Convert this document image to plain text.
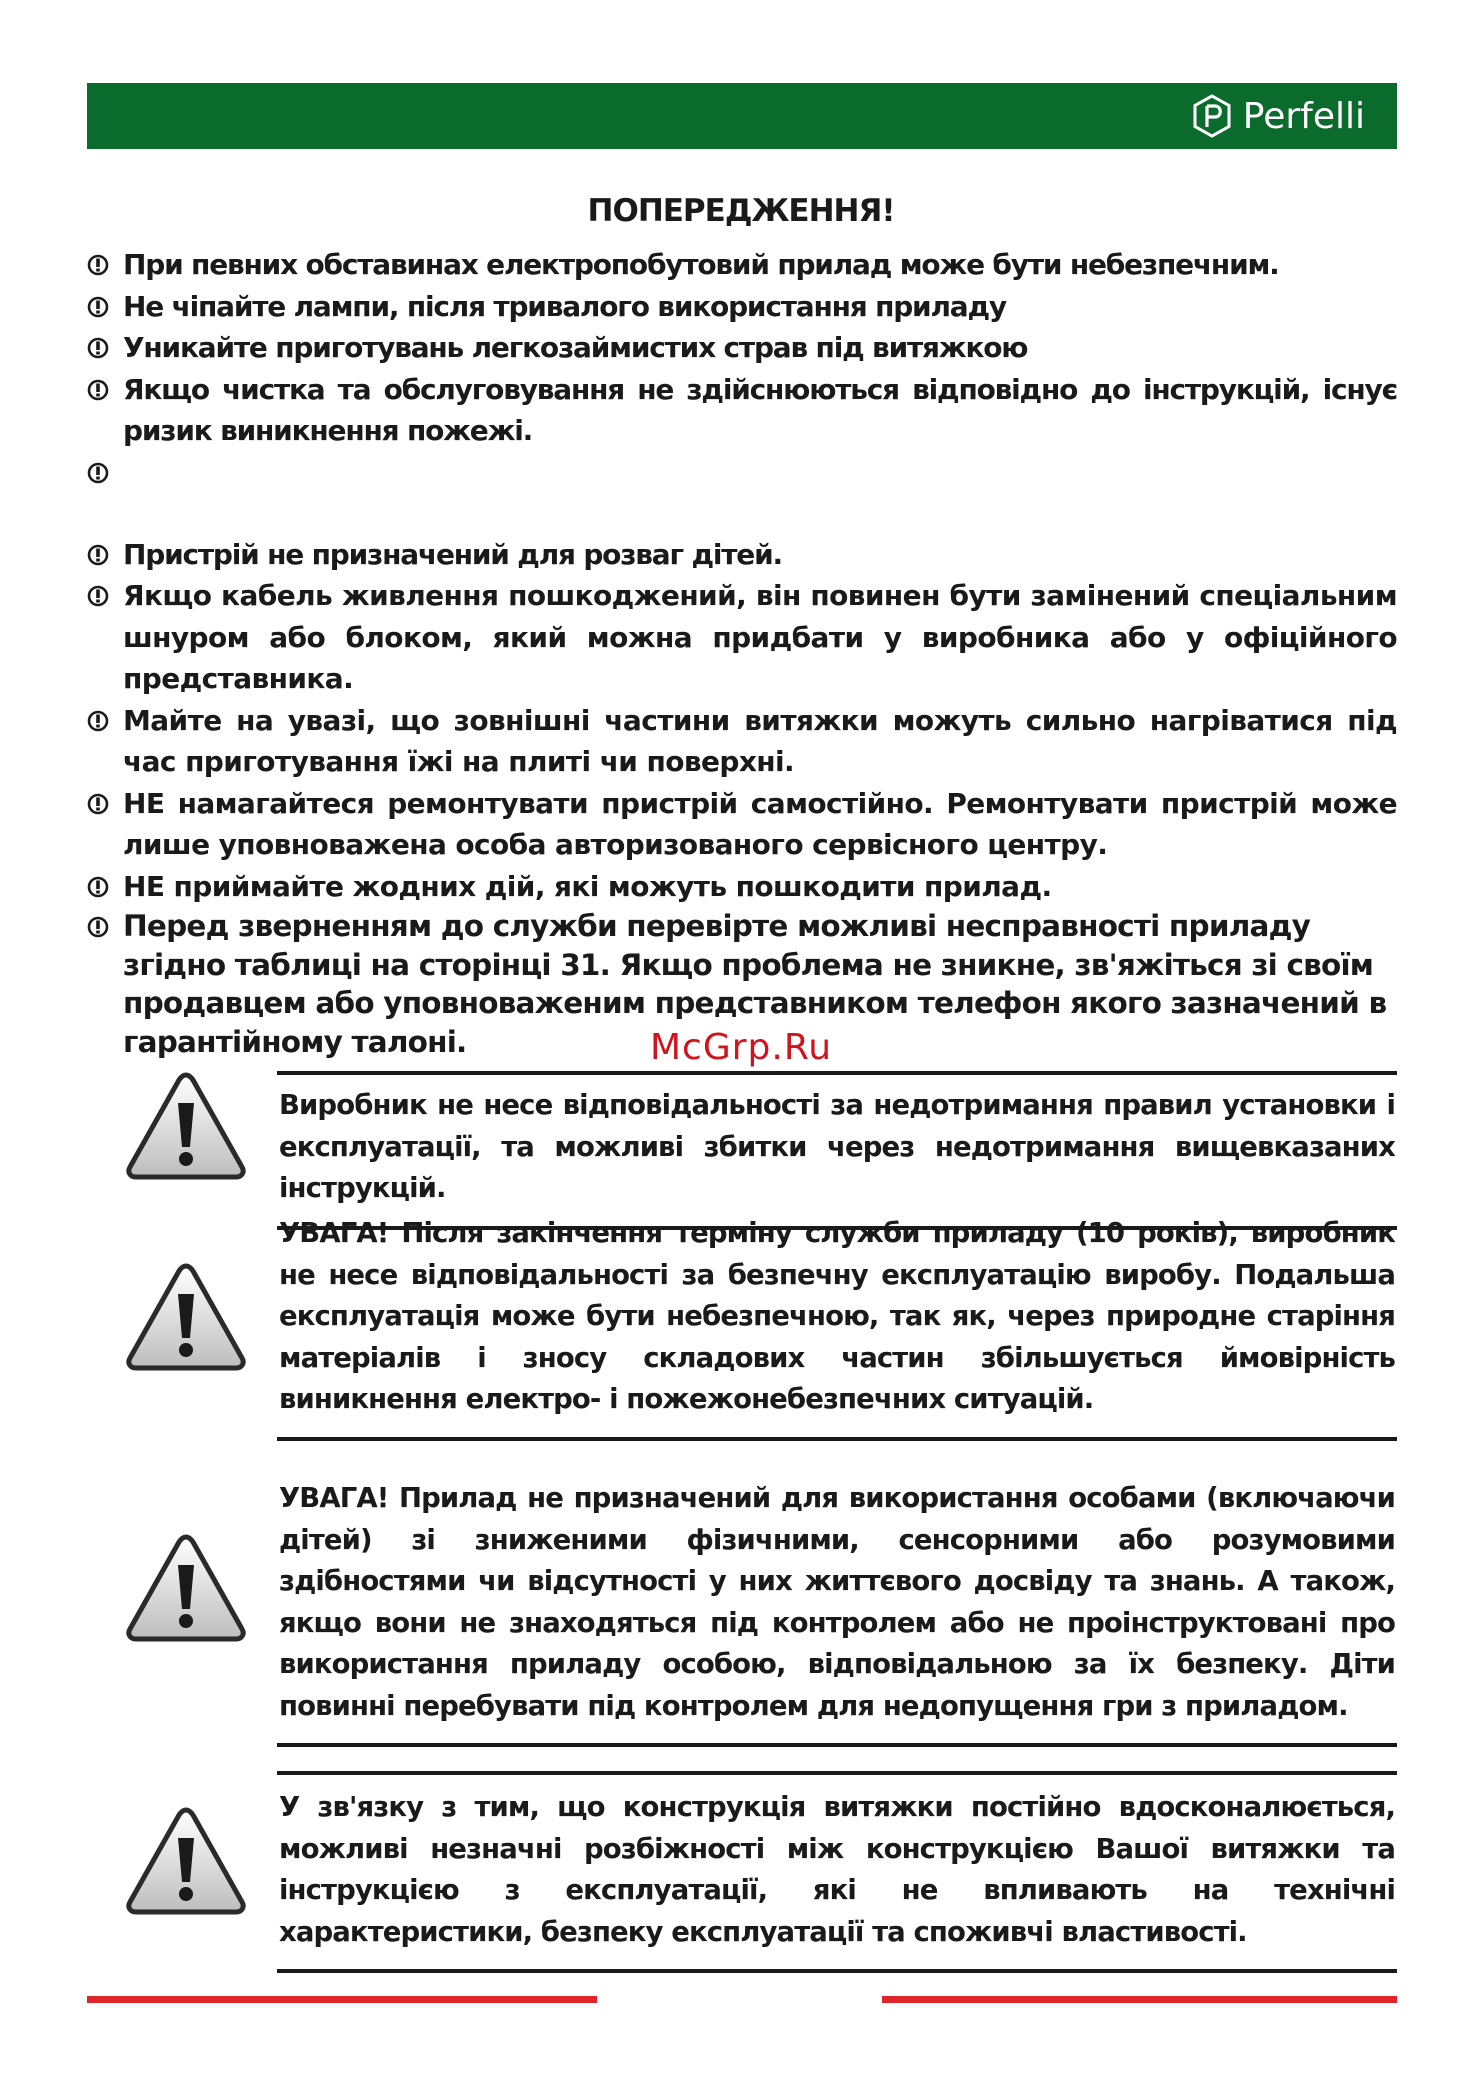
Perfelli
ПОПЕРЕДЖЕННЯ!
При певних обставинах електропобутовий прилад може бути небезпечним.
Не чіпайте лампи, після тривалого використання приладу
Уникайте приготувань легкозаймистих страв під витяжкою
Якщо чистка та обслуговування не здійснюються відповідно до інструкцій, існує ризик виникнення пожежі.
Пристрій не призначений для розваг дітей.
Якщо кабель живлення пошкоджений, він повинен бути замінений спеціальним шнуром або блоком, який можна придбати у виробника або у офіційного представника.
Майте на увазі, що зовнішні частини витяжки можуть сильно нагріватися під час приготування їжі на плиті чи поверхні.
НЕ намагайтеся ремонтувати пристрій самостійно. Ремонтувати пристрій може лише уповноважена особа авторизованого сервісного центру.
НЕ приймайте жодних дій, які можуть пошкодити прилад.
Перед зверненням до служби перевірте можливі несправності приладу згідно таблиці на сторінці 31. Якщо проблема не зникне, зв'яжіться зі своїм продавцем або уповноваженим представником телефон якого зазначений в гарантійному талоні.	McGrp.Ru
Виробник не несе відповідальності за недотримання правил установки і експлуатації, та можливі збитки через недотримання вищевказаних інструкцій.
УВАГА! Після закінчення терміну служби приладу (10 років), виробник не несе відповідальності за безпечну експлуатацію виробу. Подальша експлуатація може бути небезпечною, так як, через природне старіння матеріалів і зносу складових частин збільшується ймовірність виникнення електро- і пожежонебезпечних ситуацій.
УВАГА! Прилад не призначений для використання особами (включаючи дітей) зі зниженими фізичними, сенсорними або розумовими здібностями чи відсутності у них життєвого досвіду та знань. А також, якщо вони не знаходяться під контролем або не проінструктовані про використання приладу особою, відповідальною за їх безпеку. Діти повинні перебувати під контролем для недопущення гри з приладом.
У зв'язку з тим, що конструкція витяжки постійно вдосконалюється, можливі незначні розбіжності між конструкцією Вашої витяжки та інструкцією з експлуатації, які не впливають на технічні характеристики, безпеку експлуатації та споживчі властивості.
